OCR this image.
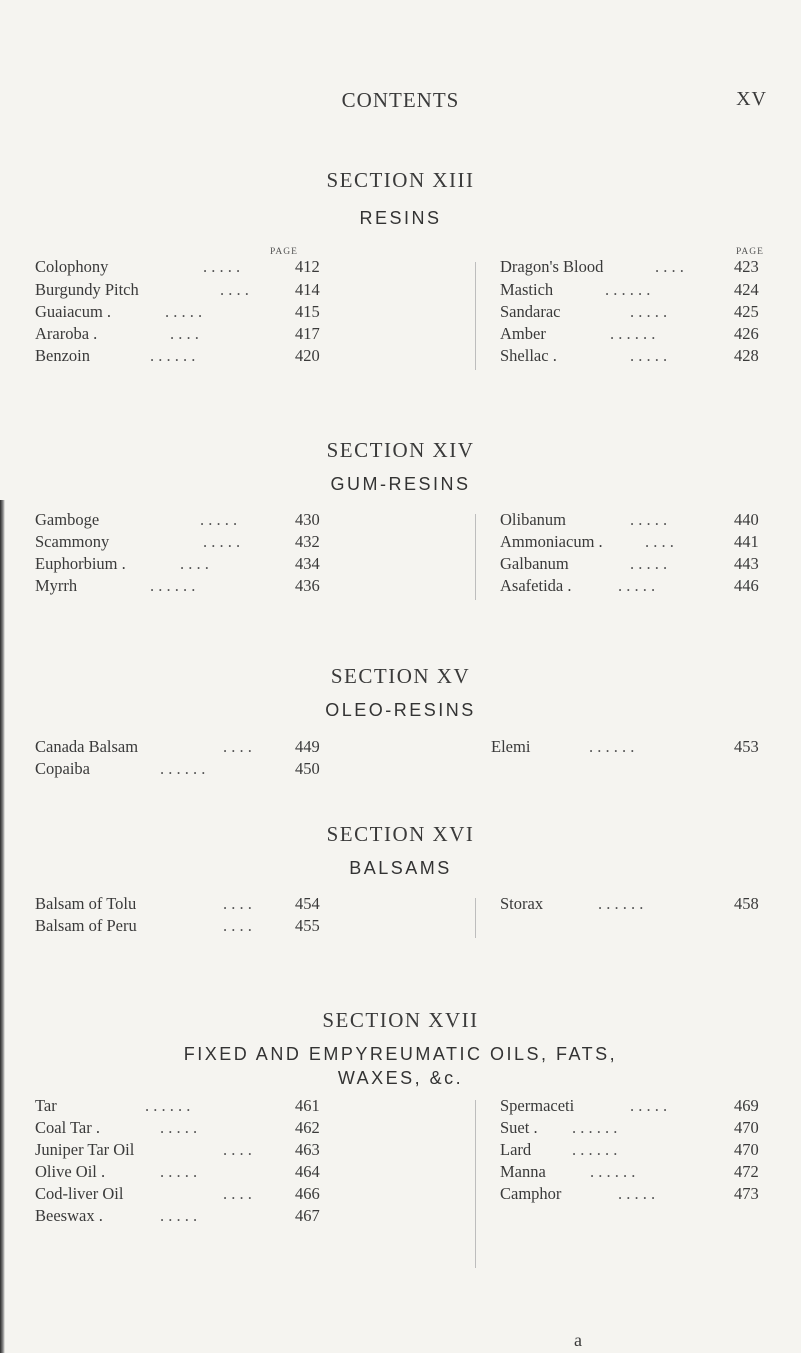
CONTENTS	XV
SECTION XIII
RESINS
PAGE	PAGE
Colophony	. . . . .	412
Burgundy Pitch	. . . .	414
Guaiacum .	. . . . .	415
Araroba .	. . . .	417
Benzoin	. . . . . .	420
Dragon's Blood	. . . .	423
Mastich	. . . . . .	424
Sandarac	. . . . .	425
Amber	. . . . . .	426
Shellac .	. . . . .	428
SECTION XIV
GUM-RESINS
Gamboge	. . . . .	430
Scammony	. . . . .	432
Euphorbium .	. . . .	434
Myrrh	. . . . . .	436
Olibanum	. . . . .	440
Ammoniacum .	. . . .	441
Galbanum	. . . . .	443
Asafetida .	. . . . .	446
SECTION XV
OLEO-RESINS
Canada Balsam	. . . .	449
Copaiba	. . . . . .	450
Elemi	. . . . . .	453
SECTION XVI
BALSAMS
Balsam of Tolu	. . . .	454
Balsam of Peru	. . . .	455
Storax	. . . . . .	458
SECTION XVII
FIXED AND EMPYREUMATIC OILS, FATS,
WAXES, &c.
Tar	. . . . . .	461
Coal Tar .	. . . . .	462
Juniper Tar Oil	. . . .	463
Olive Oil .	. . . . .	464
Cod-liver Oil	. . . .	466
Beeswax .	. . . . .	467
Spermaceti	. . . . .	469
Suet . . . . . . .	470
Lard . . . . . .	470
Manna	. . . . . .	472
Camphor	. . . . .	473
a
